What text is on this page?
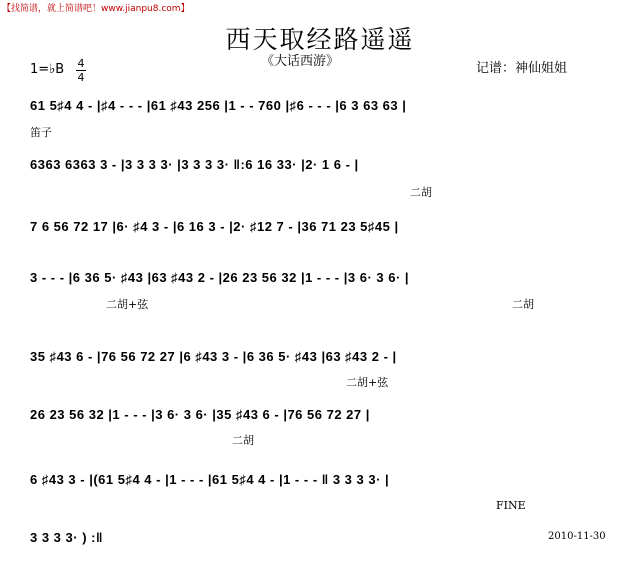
【找简谱，就上简谱吧！www.jianpu8.com】
西天取经路遥遥
《大话西游》
1=♭B 4
4
记谱：神仙姐姐
61 5♯4 4 - |♯4 - - - |61 ♯43 256 |1 - - 760 |♯6 - - - |6 3 63 63 |
笛子
6363 6363 3 - |3 3 3 3· |3 3 3 3· ‖:6 16 33· |2· 1 6 - |
二胡
7 6 56 72 17 |6· ♯4 3 - |6 16 3 - |2· ♯12 7 - |36 71 23 5♯45 |
3 - - - |6 36 5· ♯43 |63 ♯43 2 - |26 23 56 32 |1 - - - |3 6· 3 6· |
二胡+弦	二胡
35 ♯43 6 - |76 56 72 27 |6 ♯43 3 - |6 36 5· ♯43 |63 ♯43 2 - |
二胡+弦
26 23 56 32 |1 - - - |3 6· 3 6· |35 ♯43 6 - |76 56 72 27 |
二胡
6 ♯43 3 - |(61 5♯4 4 - |1 - - - |61 5♯4 4 - |1 - - - ‖ 3 3 3 3· |
FINE
3 3 3 3· ) :‖	2010-11-30
